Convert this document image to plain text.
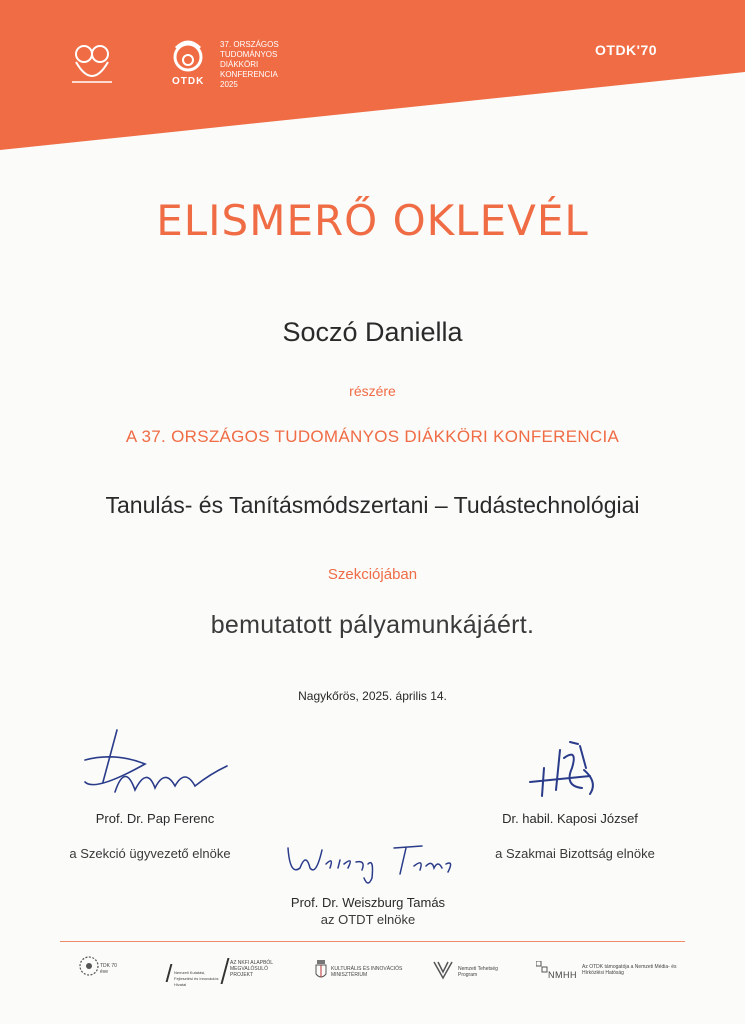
OTDK
37. ORSZÁGOS
TUDOMÁNYOS
DIÁKKÖRI
KONFERENCIA
2025
OTDK'70
ELISMERŐ OKLEVÉL
Soczó Daniella
részére
A 37. ORSZÁGOS TUDOMÁNYOS DIÁKKÖRI KONFERENCIA
Tanulás- és Tanításmódszertani – Tudástechnológiai
Szekciójában
bemutatott pályamunkájáért.
Nagykőrös, 2025. április 14.
Prof. Dr. Pap Ferenc
a Szekció ügyvezető elnöke
Dr. habil. Kaposi József
a Szakmai Bizottság elnöke
Prof. Dr. Weiszburg Tamás
az OTDT elnöke
TDK 70 éve	Nemzeti Kutatási, Fejlesztési és Innovációs Hivatal
AZ NKFI ALAPBÓL MEGVALÓSULÓ PROJEKT
KULTURÁLIS ÉS INNOVÁCIÓS MINISZTÉRIUM
Nemzeti Tehetség Program	NMHH
Az OTDK támogatója a Nemzeti Média- és Hírközlési Hatóság
